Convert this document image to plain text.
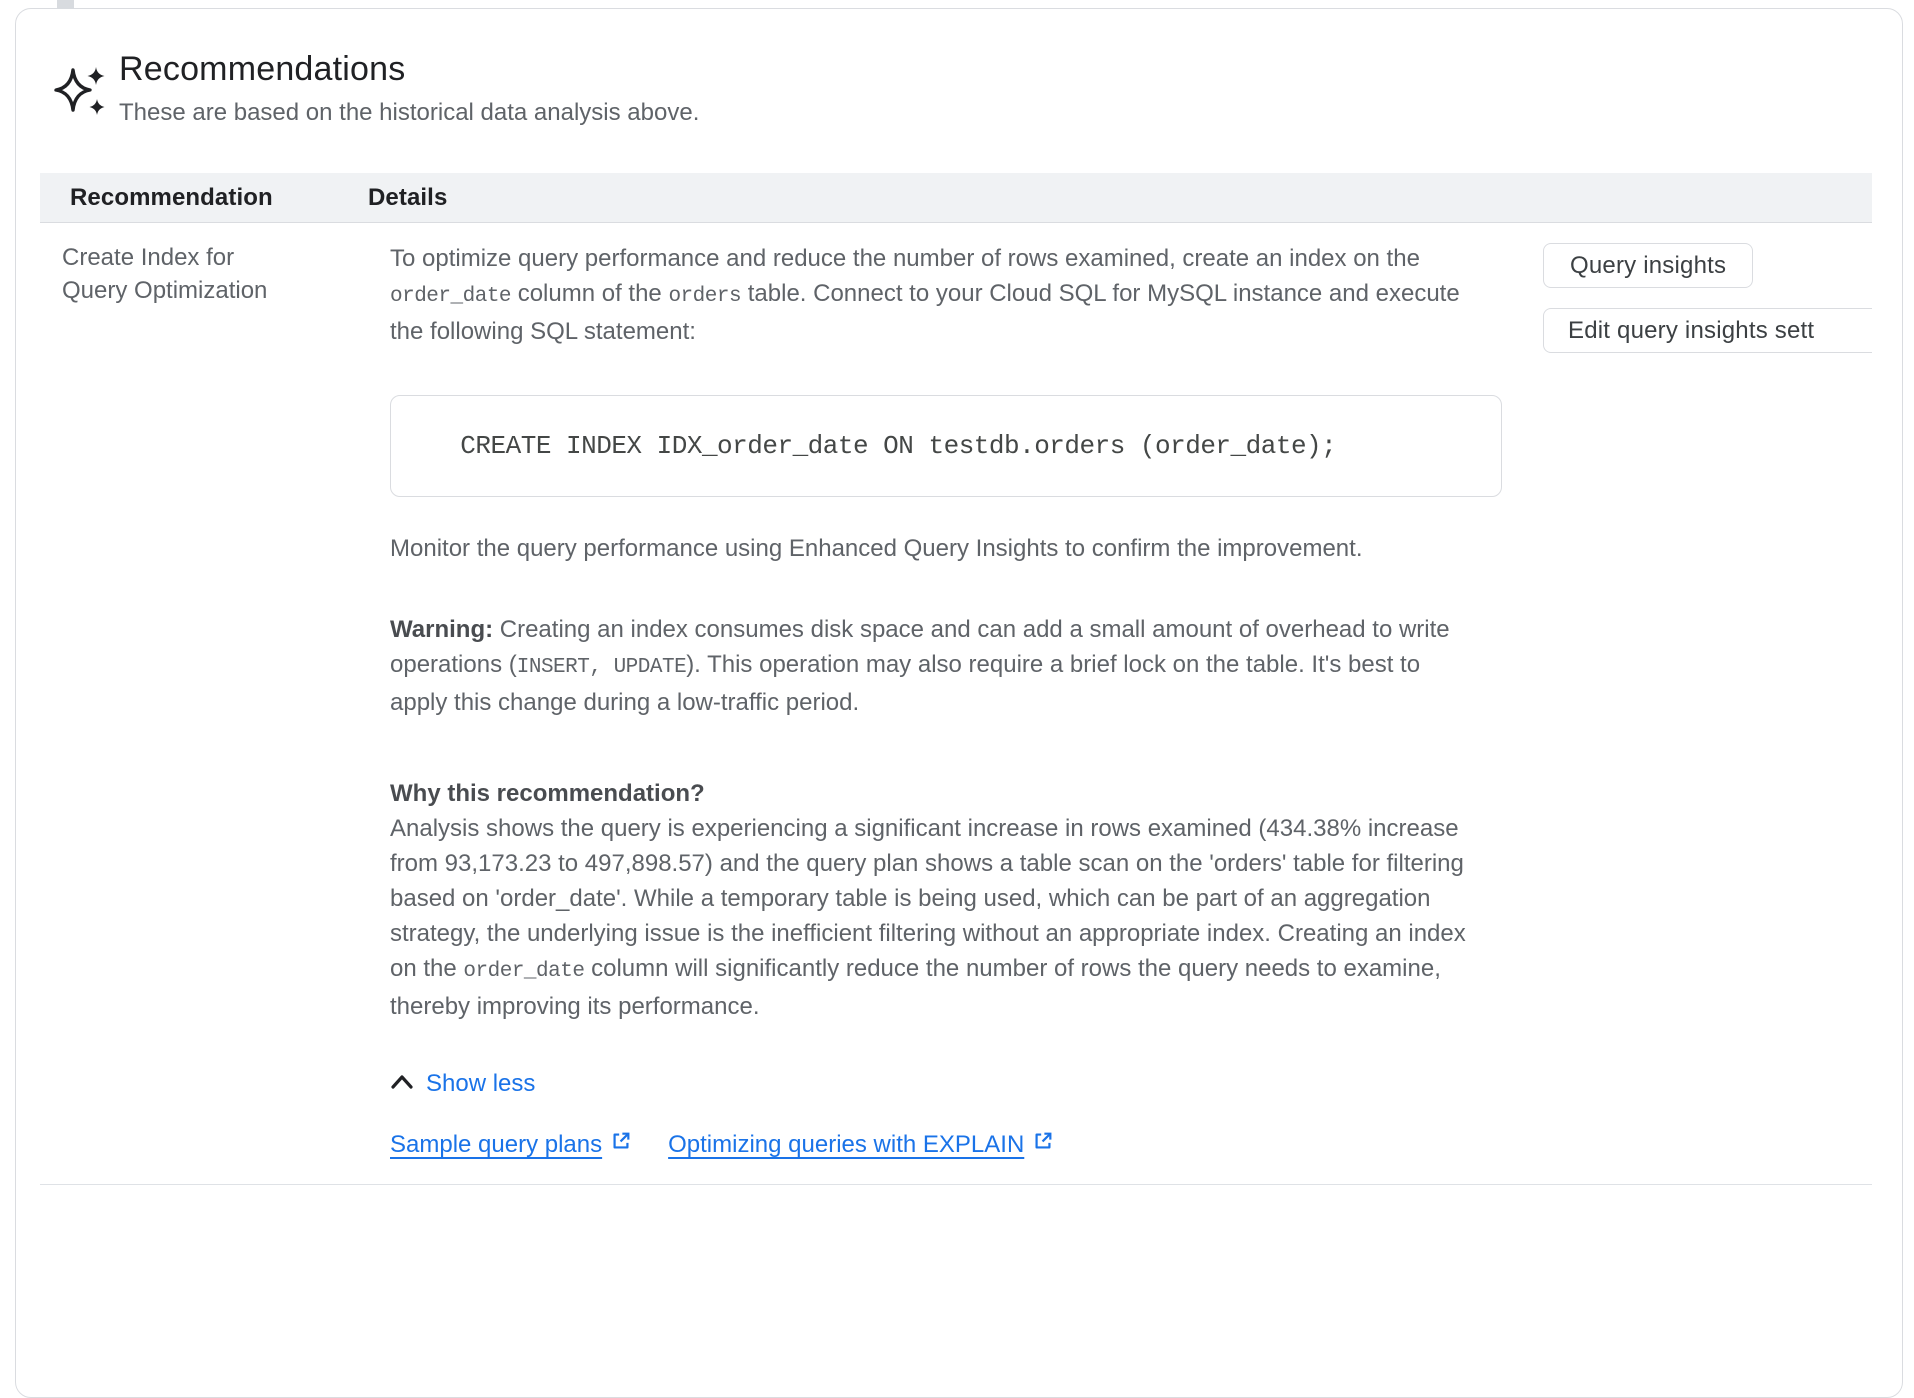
Recommendations
These are based on the historical data analysis above.
Recommendation	Details
Create Index for Query Optimization

To optimize query performance and reduce the number of rows examined, create an index on the order_date column of the orders table. Connect to your Cloud SQL for MySQL instance and execute the following SQL statement:

CREATE INDEX IDX_order_date ON testdb.orders (order_date);

Monitor the query performance using Enhanced Query Insights to confirm the improvement.

Warning: Creating an index consumes disk space and can add a small amount of overhead to write operations (INSERT, UPDATE). This operation may also require a brief lock on the table. It's best to apply this change during a low-traffic period.

Why this recommendation?

Analysis shows the query is experiencing a significant increase in rows examined (434.38% increase from 93,173.23 to 497,898.57) and the query plan shows a table scan on the 'orders' table for filtering based on 'order_date'. While a temporary table is being used, which can be part of an aggregation strategy, the underlying issue is the inefficient filtering without an appropriate index. Creating an index on the order_date column will significantly reduce the number of rows the query needs to examine, thereby improving its performance.

Show less
Sample query plans	Optimizing queries with EXPLAIN
Query insights
Edit query insights sett
